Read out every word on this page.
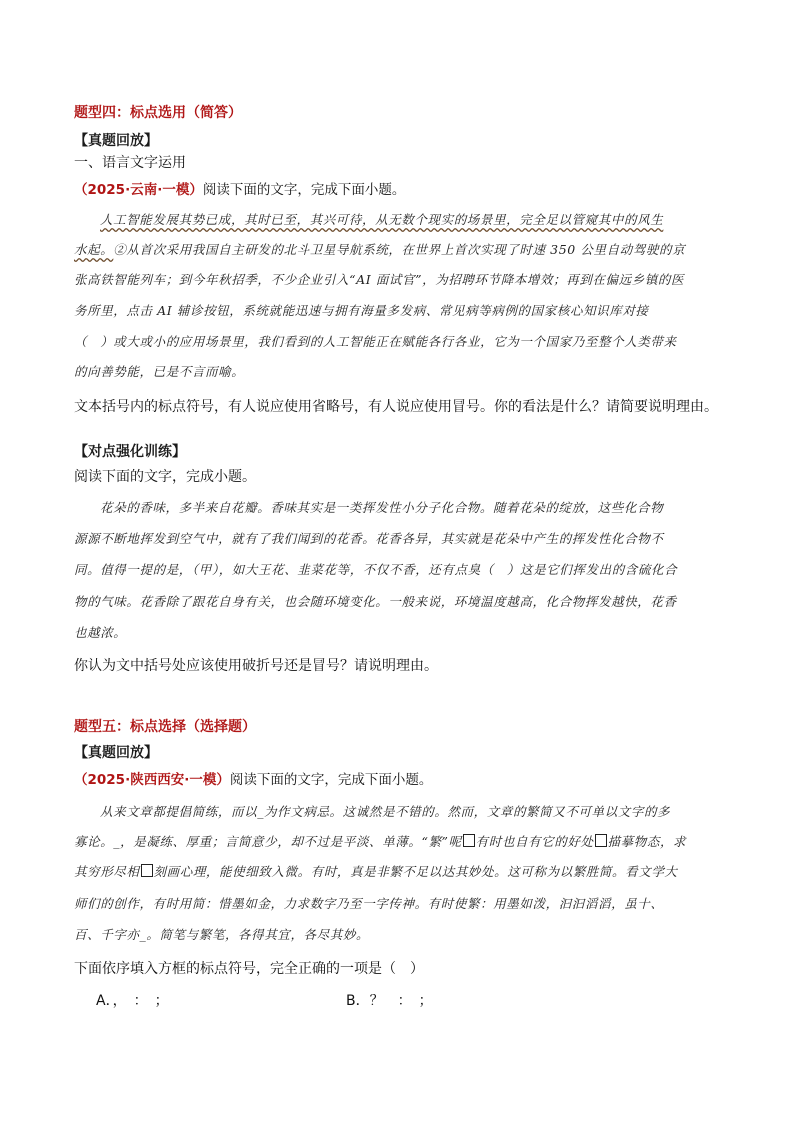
题型四：标点选用（简答）
【真题回放】
一、语言文字运用
（2025·云南·一模）阅读下面的文字，完成下面小题。
人工智能发展其势已成，其时已至，其兴可待，从无数个现实的场景里，完全足以管窥其中的风生
水起。②从首次采用我国自主研发的北斗卫星导航系统，在世界上首次实现了时速 350 公里自动驾驶的京
张高铁智能列车；到今年秋招季，不少企业引入“AI 面试官”，为招聘环节降本增效；再到在偏远乡镇的医
务所里，点击 AI 辅诊按钮，系统就能迅速与拥有海量多发病、常见病等病例的国家核心知识库对接
（　）或大或小的应用场景里，我们看到的人工智能正在赋能各行各业，它为一个国家乃至整个人类带来
的向善势能，已是不言而喻。
文本括号内的标点符号，有人说应使用省略号，有人说应使用冒号。你的看法是什么？请简要说明理由。
【对点强化训练】
阅读下面的文字，完成小题。
花朵的香味，多半来自花瓣。香味其实是一类挥发性小分子化合物。随着花朵的绽放，这些化合物
源源不断地挥发到空气中，就有了我们闻到的花香。花香各异，其实就是花朵中产生的挥发性化合物不
同。值得一提的是，（甲），如大王花、韭菜花等，不仅不香，还有点臭（　）这是它们挥发出的含硫化合
物的气味。花香除了跟花自身有关，也会随环境变化。一般来说，环境温度越高，化合物挥发越快，花香
也越浓。
你认为文中括号处应该使用破折号还是冒号？请说明理由。
题型五：标点选择（选择题）
【真题回放】
（2025·陕西西安·一模）阅读下面的文字，完成下面小题。
从来文章都提倡简练，而以_为作文病忌。这诚然是不错的。然而，文章的繁简又不可单以文字的多
寡论。_，是凝练、厚重；言简意少，却不过是平淡、单薄。“繁”呢 有时也自有它的好处 描摹物态，求
其穷形尽相 刻画心理，能使细致入微。有时，真是非繁不足以达其妙处。这可称为以繁胜简。看文学大
师们的创作，有时用简：惜墨如金，力求数字乃至一字传神。有时使繁：用墨如泼，汩汩滔滔，虽十、
百、千字亦_。简笔与繁笔，各得其宜，各尽其妙。
下面依序填入方框的标点符号，完全正确的一项是（　）
A．，　：　；	B．？　：　；
